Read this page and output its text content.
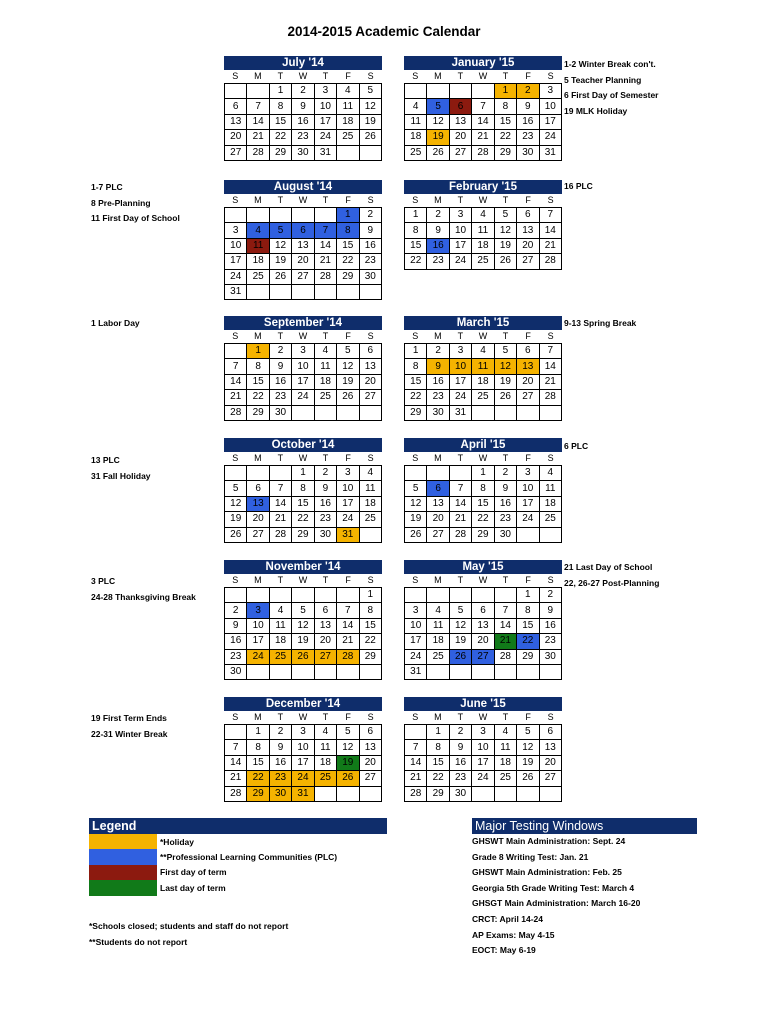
2014-2015 Academic Calendar
July '14
S	M	T	W	T	F	S
		1	2	3	4	5
6	7	8	9	10	11	12
13	14	15	16	17	18	19
20	21	22	23	24	25	26
27	28	29	30	31		
August '14
S	M	T	W	T	F	S
					1	2
3	4	5	6	7	8	9
10	11	12	13	14	15	16
17	18	19	20	21	22	23
24	25	26	27	28	29	30
31						
September '14
S	M	T	W	T	F	S
	1	2	3	4	5	6
7	8	9	10	11	12	13
14	15	16	17	18	19	20
21	22	23	24	25	26	27
28	29	30				
October '14
S	M	T	W	T	F	S
			1	2	3	4
5	6	7	8	9	10	11
12	13	14	15	16	17	18
19	20	21	22	23	24	25
26	27	28	29	30	31	
November '14
S	M	T	W	T	F	S
						1
2	3	4	5	6	7	8
9	10	11	12	13	14	15
16	17	18	19	20	21	22
23	24	25	26	27	28	29
30						
December '14
S	M	T	W	T	F	S
	1	2	3	4	5	6
7	8	9	10	11	12	13
14	15	16	17	18	19	20
21	22	23	24	25	26	27
28	29	30	31			
January '15
S	M	T	W	T	F	S
				1	2	3
4	5	6	7	8	9	10
11	12	13	14	15	16	17
18	19	20	21	22	23	24
25	26	27	28	29	30	31
February '15
S	M	T	W	T	F	S
1	2	3	4	5	6	7
8	9	10	11	12	13	14
15	16	17	18	19	20	21
22	23	24	25	26	27	28
March '15
S	M	T	W	T	F	S
1	2	3	4	5	6	7
8	9	10	11	12	13	14
15	16	17	18	19	20	21
22	23	24	25	26	27	28
29	30	31				
April '15
S	M	T	W	T	F	S
			1	2	3	4
5	6	7	8	9	10	11
12	13	14	15	16	17	18
19	20	21	22	23	24	25
26	27	28	29	30		
May '15
S	M	T	W	T	F	S
					1	2
3	4	5	6	7	8	9
10	11	12	13	14	15	16
17	18	19	20	21	22	23
24	25	26	27	28	29	30
31						
June '15
S	M	T	W	T	F	S
	1	2	3	4	5	6
7	8	9	10	11	12	13
14	15	16	17	18	19	20
21	22	23	24	25	26	27
28	29	30				
1-7 PLC
8 Pre-Planning
11 First Day of School
1 Labor Day
13 PLC
31 Fall Holiday
3 PLC
24-28 Thanksgiving Break
19 First Term Ends
22-31 Winter Break
1-2 Winter Break con't.
5 Teacher Planning
6 First Day of Semester
19 MLK Holiday
16 PLC
9-13 Spring Break
6 PLC
21 Last Day of School
22, 26-27 Post-Planning
Legend
*Holiday
**Professional Learning Communities (PLC)
First day of term
Last day of term
*Schools closed; students and staff do not report
**Students do not report
Major Testing Windows
GHSWT Main Administration: Sept. 24
Grade 8 Writing Test: Jan. 21
GHSWT Main Administration: Feb. 25
Georgia 5th Grade Writing Test: March 4
GHSGT Main Administration: March 16-20
CRCT: April 14-24
AP Exams: May 4-15
EOCT: May 6-19
